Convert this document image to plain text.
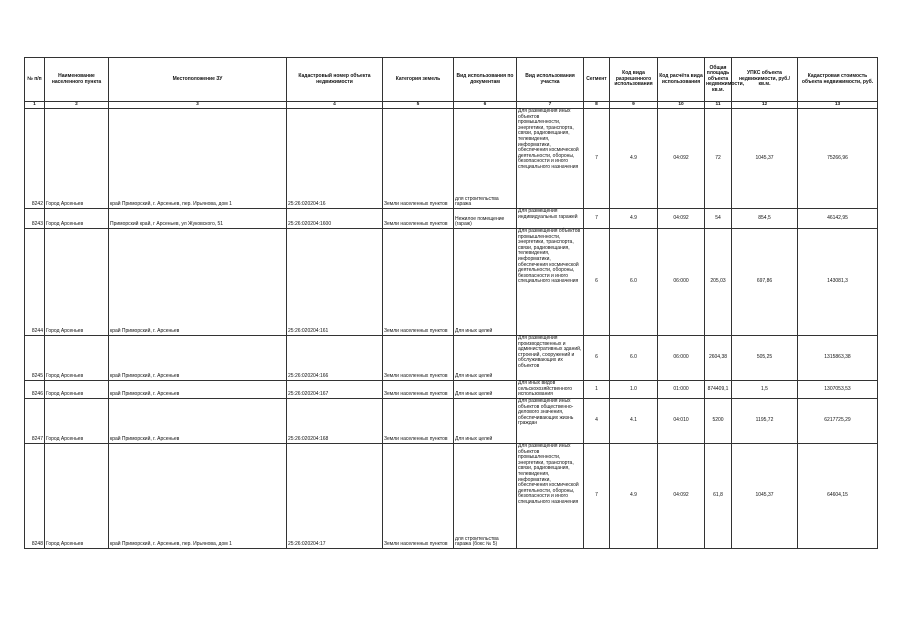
№ п/п	Наименование населенного пункта	Местоположение ЗУ	Кадастровый номер объекта недвижимости	Категория земель	Вид использования по документам	Вид использования участка	Сегмент	Код вида разрешенного использования	Код расчёта вида использования	Общая площадь объекта недвижимости, кв.м.	УПКС объекта недвижимости, руб./кв.м.	Кадастровая стоимость объекта недвижимости, руб.
1	2	3	4	5	6	7	8	9	10	11	12	13
8242	Город Арсеньев	край Приморский, г. Арсеньев, пер. Ирьянова, дом 1	25:26:020204:16	Земли населенных пунктов	для строительства гаража	Для размещения иных объектов промышленности, энергетики, транспорта, связи, радиовещания, телевидения, информатики, обеспечения космической деятельности, обороны, безопасности и иного специального назначения	7	4.9	04:092	72	1045,37	75266,96
8243	Город Арсеньев	Приморский край, г Арсеньев, ул Жуковского, 51	25:26:020204:1600	Земли населенных пунктов	Нежилое помещение (гараж)	Для размещения индивидуальных гаражей	7	4.9	04:092	54	854,5	46142,95
8244	Город Арсеньев	край Приморский, г. Арсеньев	25:26:020204:161	Земли населенных пунктов	Для иных целей	Для размещения объектов промышленности, энергетики, транспорта, связи, радиовещания, телевидения, информатики, обеспечения космической деятельности, обороны, безопасности и иного специального назначения	6	6.0	06:000	205,03	697,86	143081,3
8245	Город Арсеньев	край Приморский, г. Арсеньев	25:26:020204:166	Земли населенных пунктов	Для иных целей	Для размещения производственных и административных зданий, строений, сооружений и обслуживающих их объектов	6	6.0	06:000	2604,38	505,25	1315863,38
8246	Город Арсеньев	край Приморский, г. Арсеньев	25:26:020204:167	Земли населенных пунктов	Для иных целей	Для иных видов сельскохозяйственного использования	1	1.0	01:000	874409,1	1,5	1307053,53
8247	Город Арсеньев	край Приморский, г. Арсеньев	25:26:020204:168	Земли населенных пунктов	Для иных целей	Для размещения иных объектов общественно-делового значения, обеспечивающих жизнь граждан	4	4.1	04:010	5200	1195,72	6217725,29
8248	Город Арсеньев	край Приморский, г. Арсеньев, пер. Ирьянова, дом 1	25:26:020204:17	Земли населенных пунктов	для строительства гаража (бокс № 5)	Для размещения иных объектов промышленности, энергетики, транспорта, связи, радиовещания, телевидения, информатики, обеспечения космической деятельности, обороны, безопасности и иного специального назначения	7	4.9	04:092	61,8	1045,37	64604,15
